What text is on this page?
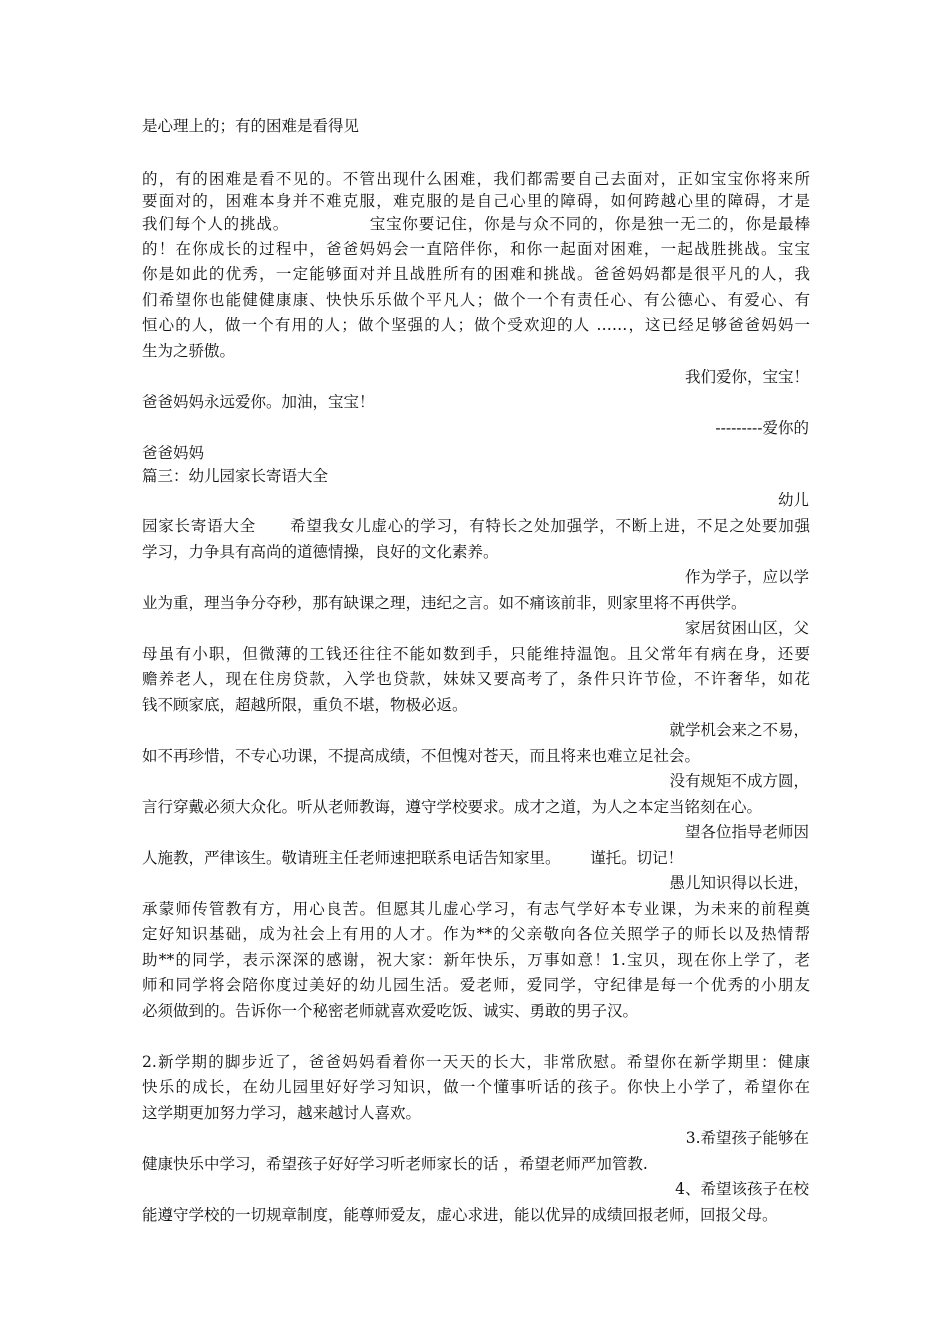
是心理上的；有的困难是看得见

的，有的困难是看不见的。不管出现什么困难，我们都需要自己去面对，正如宝宝你将来所

要面对的，困难本身并不难克服，难克服的是自己心里的障碍，如何跨越心里的障碍，才是

我们每个人的挑战。              宝宝你要记住，你是与众不同的，你是独一无二的，你是最棒

的！在你成长的过程中，爸爸妈妈会一直陪伴你，和你一起面对困难，一起战胜挑战。宝宝

你是如此的优秀，一定能够面对并且战胜所有的困难和挑战。爸爸妈妈都是很平凡的人，我

们希望你也能健健康康、快快乐乐做个平凡人；做个一个有责任心、有公德心、有爱心、有

恒心的人，做一个有用的人；做个坚强的人；做个受欢迎的人 ……，这已经足够爸爸妈妈一

生为之骄傲。

我们爱你，宝宝！

爸爸妈妈永远爱你。加油，宝宝！

---------爱你的

爸爸妈妈

篇三：幼儿园家长寄语大全

幼儿

园家长寄语大全      希望我女儿虚心的学习，有特长之处加强学，不断上进，不足之处要加强

学习，力争具有高尚的道德情操，良好的文化素养。

作为学子，应以学

业为重，理当争分夺秒，那有缺课之理，违纪之言。如不痛该前非，则家里将不再供学。

家居贫困山区，父

母虽有小职，但微薄的工钱还往往不能如数到手，只能维持温饱。且父常年有病在身，还要

赡养老人，现在住房贷款，入学也贷款，妹妹又要高考了，条件只许节俭，不许奢华，如花

钱不顾家底，超越所限，重负不堪，物极必返。

就学机会来之不易，

如不再珍惜，不专心功课，不提高成绩，不但愧对苍天，而且将来也难立足社会。

没有规矩不成方圆，

言行穿戴必须大众化。听从老师教诲，遵守学校要求。成才之道，为人之本定当铭刻在心。

望各位指导老师因

人施教，严律该生。敬请班主任老师速把联系电话告知家里。      谨托。切记！

愚儿知识得以长进，

承蒙师传管教有方，用心良苦。但愿其儿虚心学习，有志气学好本专业课，为未来的前程奠

定好知识基础，成为社会上有用的人才。作为**的父亲敬向各位关照学子的师长以及热情帮

助**的同学，表示深深的感谢，祝大家：新年快乐，万事如意！1.宝贝，现在你上学了，老

师和同学将会陪你度过美好的幼儿园生活。爱老师，爱同学，守纪律是每一个优秀的小朋友

必须做到的。告诉你一个秘密老师就喜欢爱吃饭、诚实、勇敢的男子汉。

2.新学期的脚步近了，爸爸妈妈看着你一天天的长大，非常欣慰。希望你在新学期里：健康

快乐的成长，在幼儿园里好好学习知识，做一个懂事听话的孩子。你快上小学了，希望你在

这学期更加努力学习，越来越讨人喜欢。

3.希望孩子能够在

健康快乐中学习，希望孩子好好学习听老师家长的话 ，希望老师严加管教.

4、希望该孩子在校

能遵守学校的一切规章制度，能尊师爱友，虚心求进，能以优异的成绩回报老师，回报父母。
